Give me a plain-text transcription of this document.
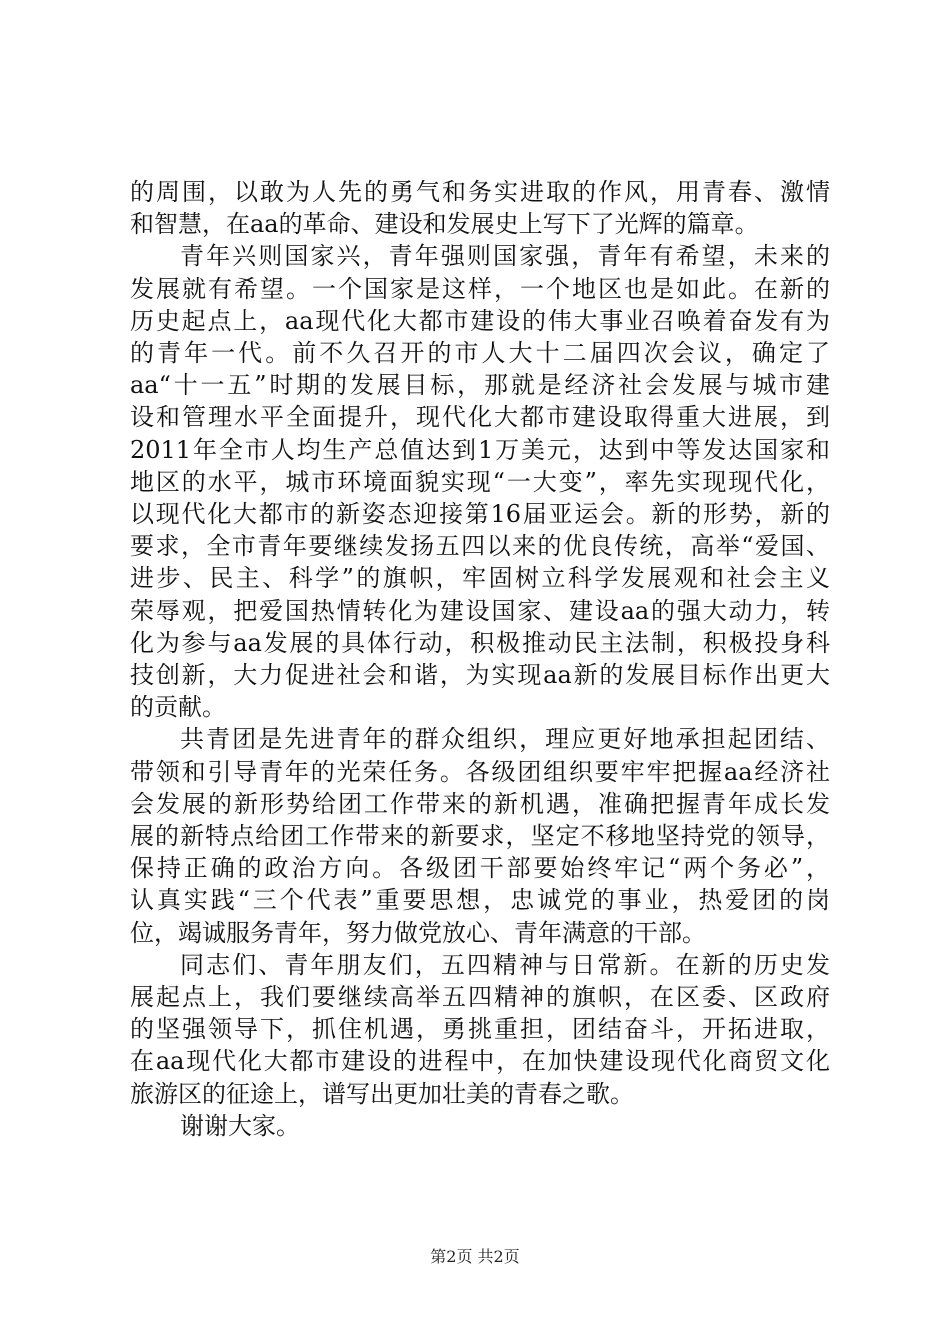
的周围，以敢为人先的勇气和务实进取的作风，用青春、激情
和智慧，在aa的革命、建设和发展史上写下了光辉的篇章。
青年兴则国家兴，青年强则国家强，青年有希望，未来的
发展就有希望。一个国家是这样，一个地区也是如此。在新的
历史起点上，aa现代化大都市建设的伟大事业召唤着奋发有为
的青年一代。前不久召开的市人大十二届四次会议，确定了
aa“十一五”时期的发展目标，那就是经济社会发展与城市建
设和管理水平全面提升，现代化大都市建设取得重大进展，到
2011年全市人均生产总值达到1万美元，达到中等发达国家和
地区的水平，城市环境面貌实现“一大变”，率先实现现代化，
以现代化大都市的新姿态迎接第16届亚运会。新的形势，新的
要求，全市青年要继续发扬五四以来的优良传统，高举“爱国、
进步、民主、科学”的旗帜，牢固树立科学发展观和社会主义
荣辱观，把爱国热情转化为建设国家、建设aa的强大动力，转
化为参与aa发展的具体行动，积极推动民主法制，积极投身科
技创新，大力促进社会和谐，为实现aa新的发展目标作出更大
的贡献。
共青团是先进青年的群众组织，理应更好地承担起团结、
带领和引导青年的光荣任务。各级团组织要牢牢把握aa经济社
会发展的新形势给团工作带来的新机遇，准确把握青年成长发
展的新特点给团工作带来的新要求，坚定不移地坚持党的领导，
保持正确的政治方向。各级团干部要始终牢记“两个务必”，
认真实践“三个代表”重要思想，忠诚党的事业，热爱团的岗
位，竭诚服务青年，努力做党放心、青年满意的干部。
同志们、青年朋友们，五四精神与日常新。在新的历史发
展起点上，我们要继续高举五四精神的旗帜，在区委、区政府
的坚强领导下，抓住机遇，勇挑重担，团结奋斗，开拓进取，
在aa现代化大都市建设的进程中，在加快建设现代化商贸文化
旅游区的征途上，谱写出更加壮美的青春之歌。
谢谢大家。
第2页 共2页
